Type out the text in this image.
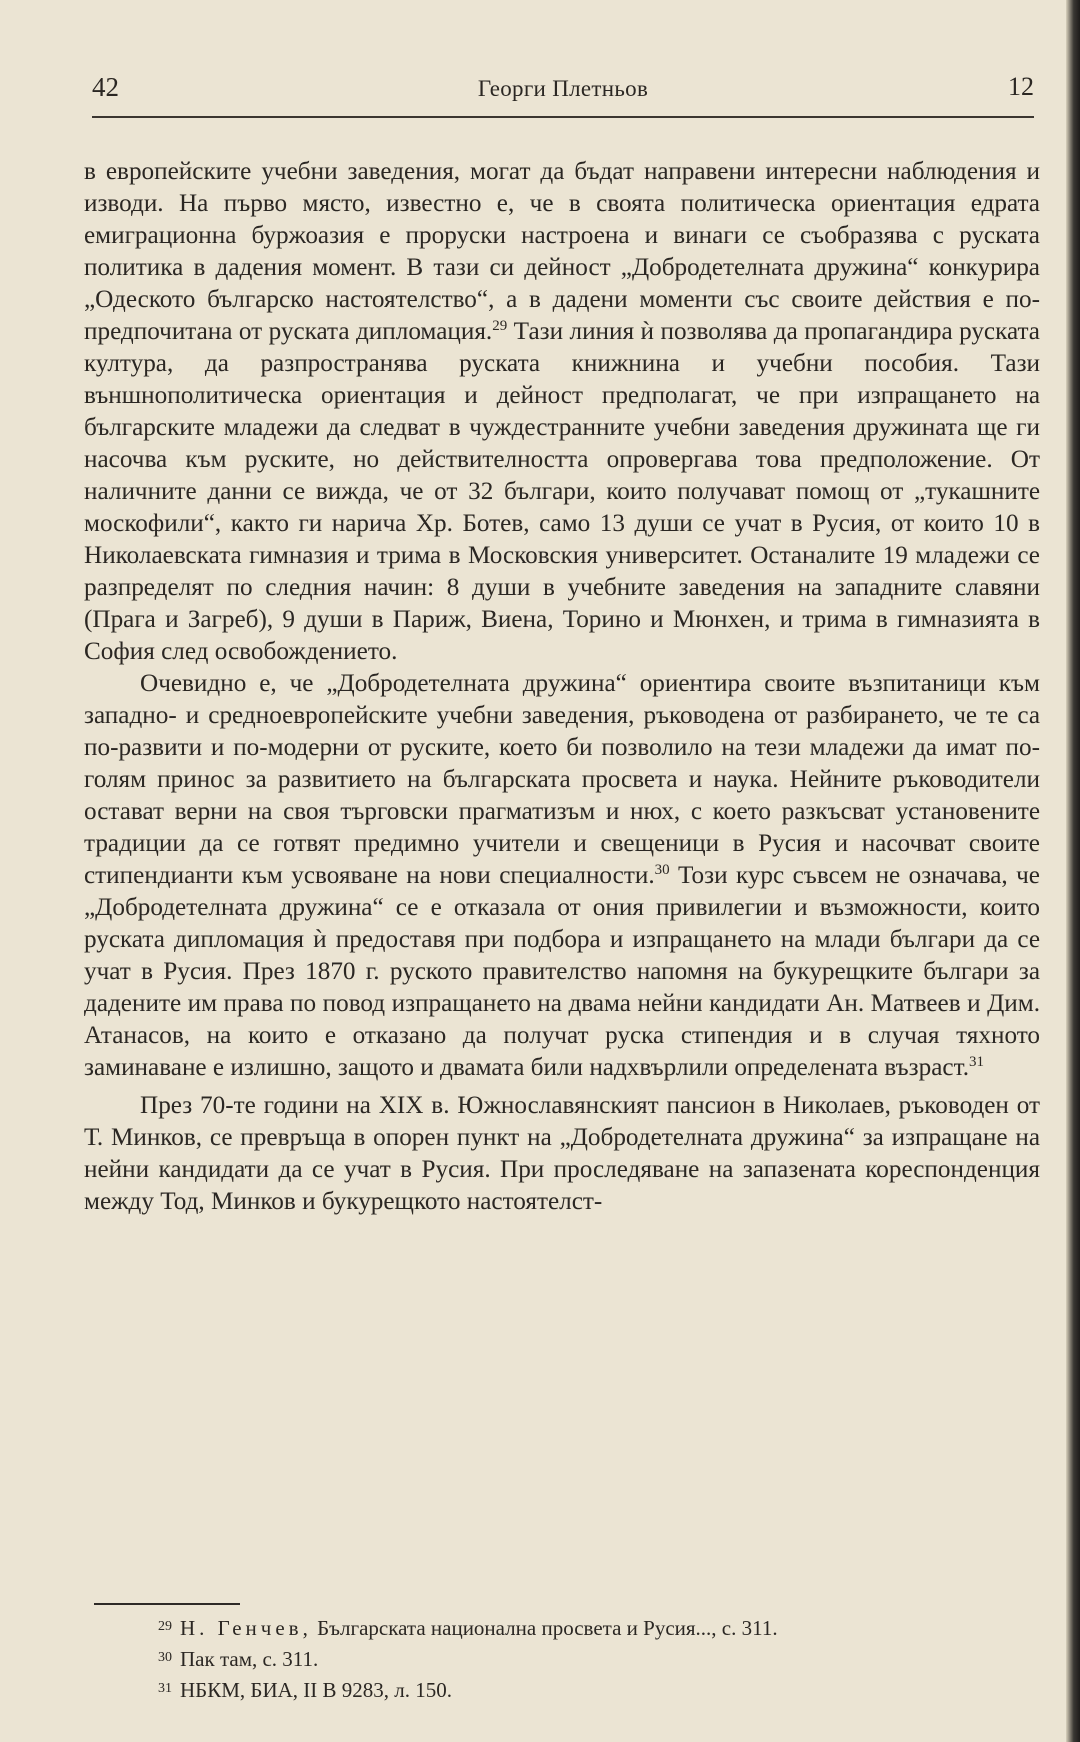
42	Георги Плетньов	12

в европейските учебни заведения, могат да бъдат направени интересни наблюдения и изводи. На първо място, известно е, че в своята политическа ориентация едрата емиграционна буржоазия е проруски настроена и винаги се съобразява с руската политика в дадения момент. В тази си дейност „Добродетелната дружина“ конкурира „Одеското българско настоятелство“, а в дадени моменти със своите действия е по-предпочитана от руската дипломация.$^{29}$ Тази линия ѝ позволява да пропагандира руската култура, да разпространява руската книжнина и учебни пособия. Тази външнополитическа ориентация и дейност предполагат, че при изпращането на българските младежи да следват в чуждестранните учебни заведения дружината ще ги насочва към руските, но действителността опровергава това предположение. От наличните данни се вижда, че от 32 българи, които получават помощ от „тукашните москофили“, както ги нарича Хр. Ботев, само 13 души се учат в Русия, от които 10 в Николаевската гимназия и трима в Московския университет. Останалите 19 младежи се разпределят по следния начин: 8 души в учебните заведения на западните славяни (Прага и Загреб), 9 души в Париж, Виена, Торино и Мюнхен, и трима в гимназията в София след освобождението.

Очевидно е, че „Добродетелната дружина“ ориентира своите възпитаници към западно- и средноевропейските учебни заведения, ръководена от разбирането, че те са по-развити и по-модерни от руските, което би позволило на тези младежи да имат по-голям принос за развитието на българската просвета и наука. Нейните ръководители остават верни на своя търговски прагматизъм и нюх, с което разкъсват установените традиции да се готвят предимно учители и свещеници в Русия и насочват своите стипендианти към усвояване на нови специалности.$^{30}$ Този курс съвсем не означава, че „Добродетелната дружина“ се е отказала от ония привилегии и възможности, които руската дипломация ѝ предоставя при подбора и изпращането на млади българи да се учат в Русия. През 1870 г. руското правителство напомня на букурещките българи за дадените им права по повод изпращането на двама нейни кандидати Ан. Матвеев и Дим. Атанасов, на които е отказано да получат руска стипендия и в случая тяхното заминаване е излишно, защото и двамата били надхвърлили определената възраст.$^{31}$

През 70-те години на XIX в. Южнославянският пансион в Николаев, ръководен от Т. Минков, се превръща в опорен пункт на „Добродетелната дружина“ за изпращане на нейни кандидати да се учат в Русия. При проследяване на запазената кореспонденция между Тод, Минков и букурещкото настоятелст-

$^{29}$ Н. Генчев, Българската национална просвета и Русия..., с. 311.

$^{30}$ Пак там, с. 311.

$^{31}$ НБКМ, БИА, II В 9283, л. 150.
